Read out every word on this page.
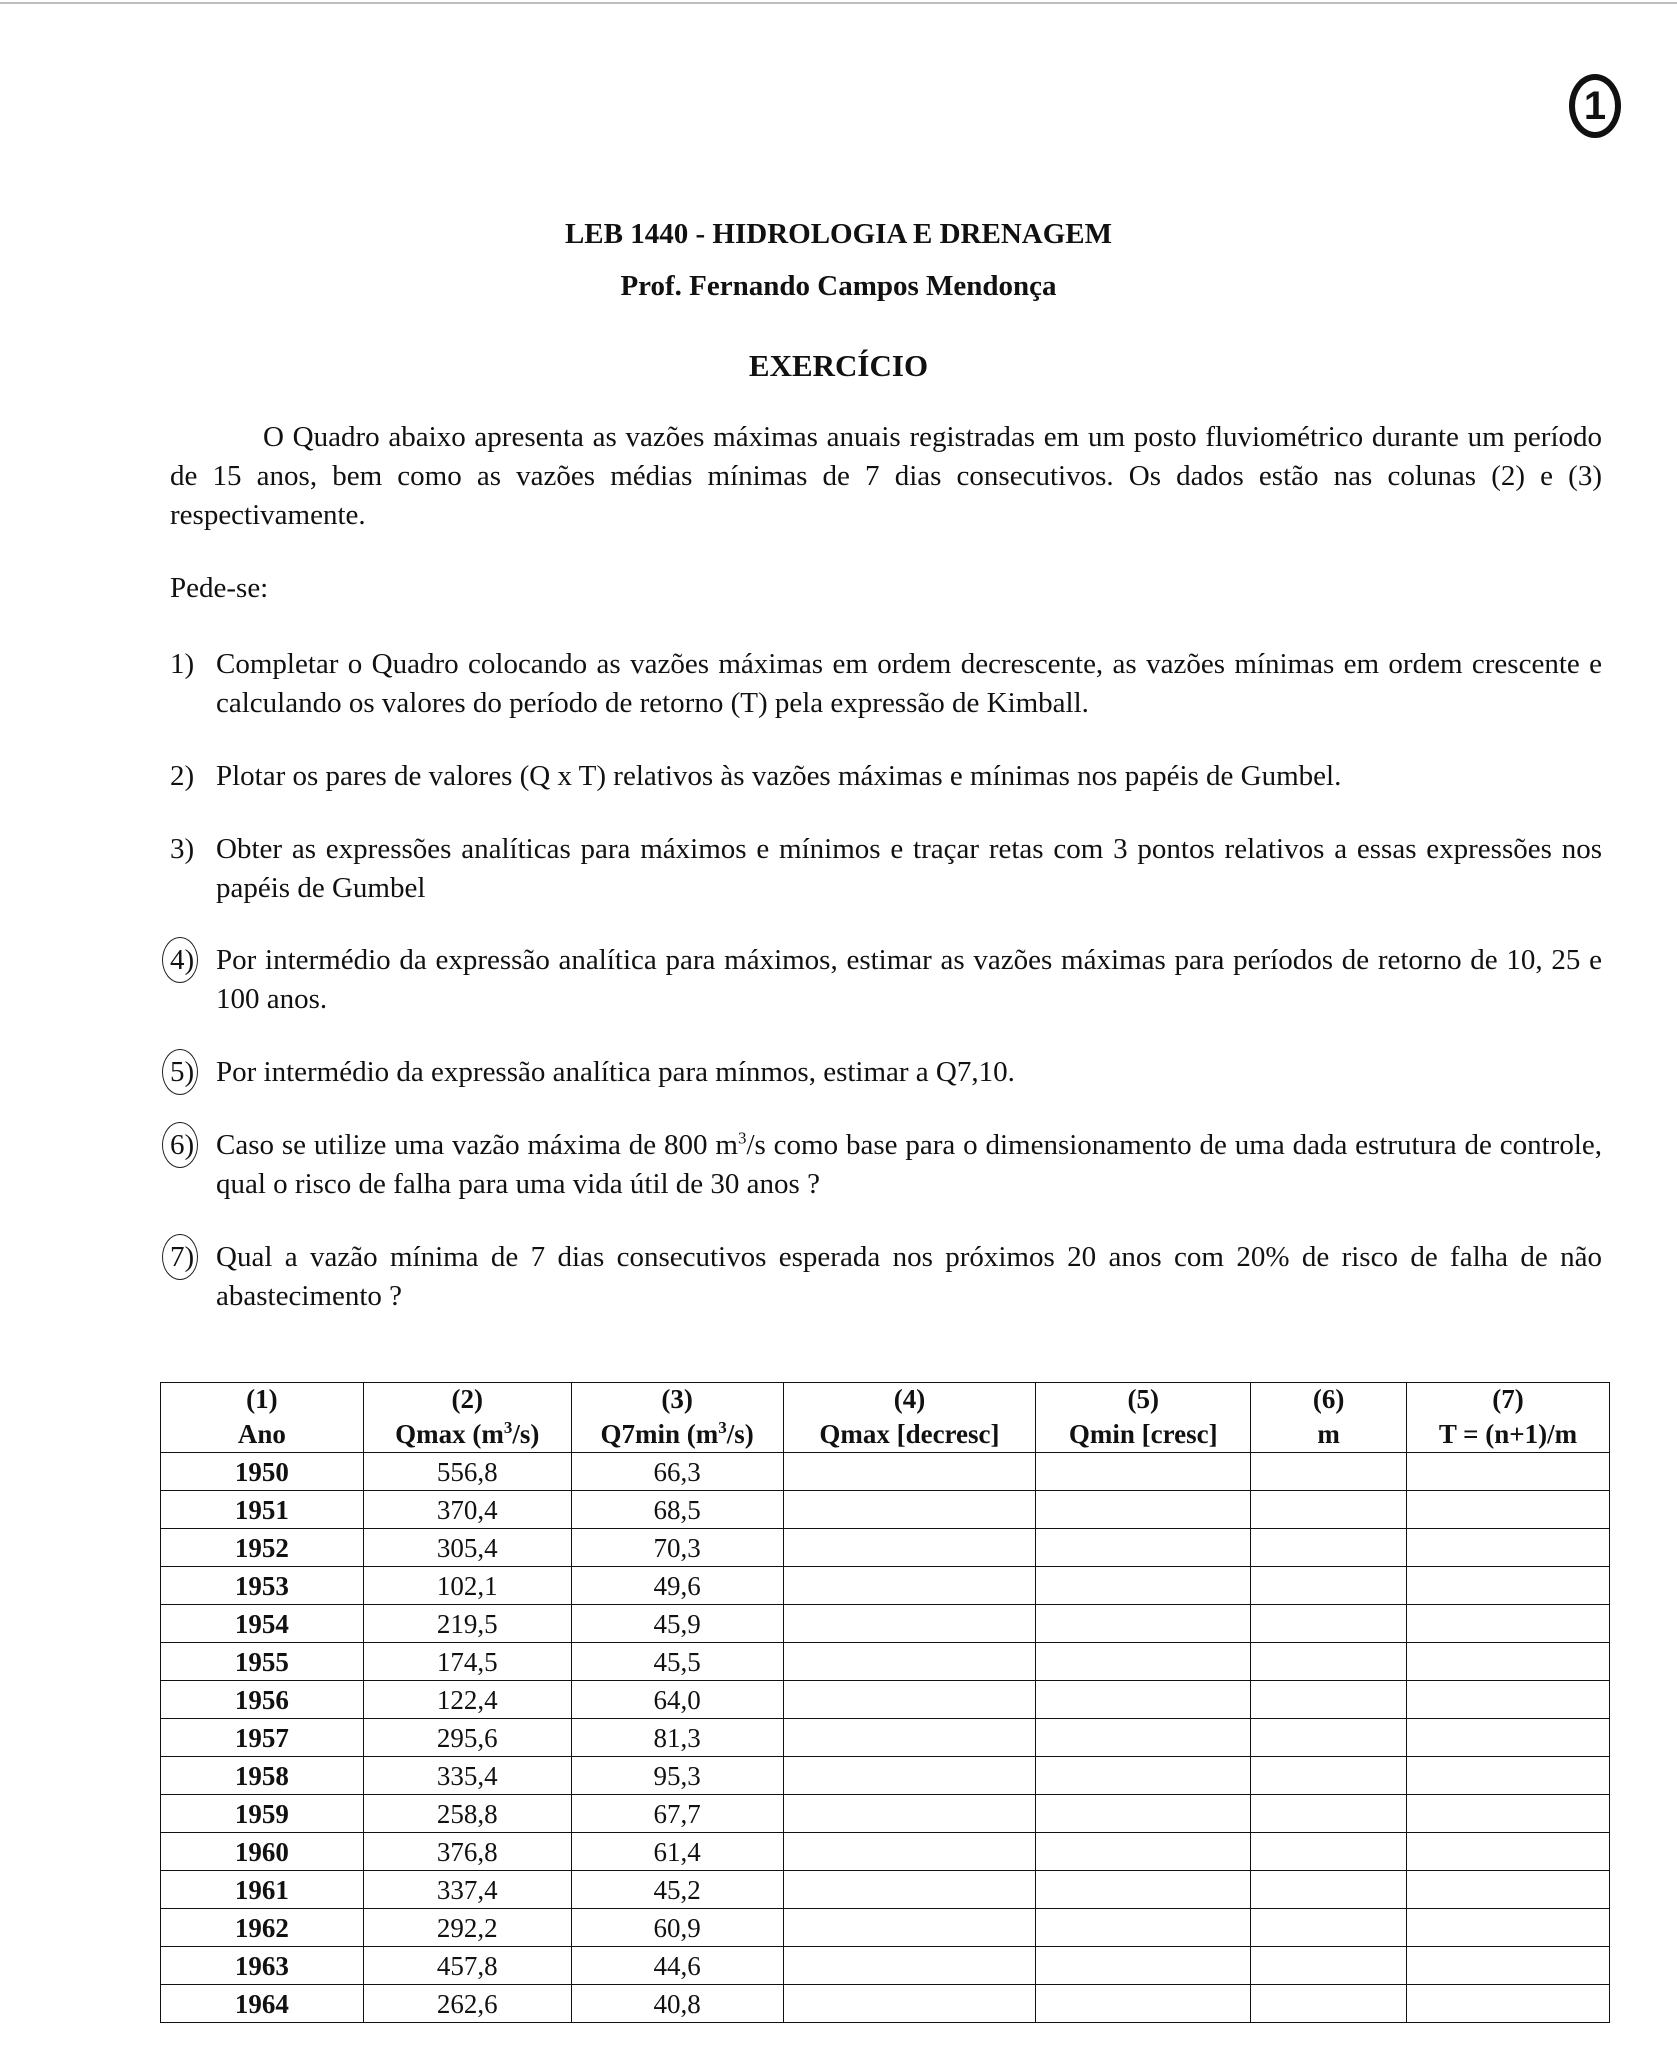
1
LEB 1440 - HIDROLOGIA E DRENAGEM
Prof. Fernando Campos Mendonça
EXERCÍCIO

O Quadro abaixo apresenta as vazões máximas anuais registradas em um posto fluviométrico durante um período de 15 anos, bem como as vazões médias mínimas de 7 dias consecutivos. Os dados estão nas colunas (2) e (3) respectivamente.

Pede-se:

1) Completar o Quadro colocando as vazões máximas em ordem decrescente, as vazões mínimas em ordem crescente e calculando os valores do período de retorno (T) pela expressão de Kimball.
2) Plotar os pares de valores (Q x T) relativos às vazões máximas e mínimas nos papéis de Gumbel.
3) Obter as expressões analíticas para máximos e mínimos e traçar retas com 3 pontos relativos a essas expressões nos papéis de Gumbel
4) Por intermédio da expressão analítica para máximos, estimar as vazões máximas para períodos de retorno de 10, 25 e 100 anos.
5) Por intermédio da expressão analítica para mínmos, estimar a Q7,10.
6) Caso se utilize uma vazão máxima de 800 $m^3/s$ como base para o dimensionamento de uma dada estrutura de controle, qual o risco de falha para uma vida útil de 30 anos ?
7) Qual a vazão mínima de 7 dias consecutivos esperada nos próximos 20 anos com 20% de risco de falha de não abastecimento ?
(1)	(2)	(3)	(4)	(5)	(6)	(7)
Ano	Qmax $(m^3/s)$	Q7min $(m^3/s)$	Qmax [decresc]	Qmin [cresc]	m	T = (n+1)/m
1950	556,8	66,3				
1951	370,4	68,5				
1952	305,4	70,3				
1953	102,1	49,6				
1954	219,5	45,9				
1955	174,5	45,5				
1956	122,4	64,0				
1957	295,6	81,3				
1958	335,4	95,3				
1959	258,8	67,7				
1960	376,8	61,4				
1961	337,4	45,2				
1962	292,2	60,9				
1963	457,8	44,6				
1964	262,6	40,8				
